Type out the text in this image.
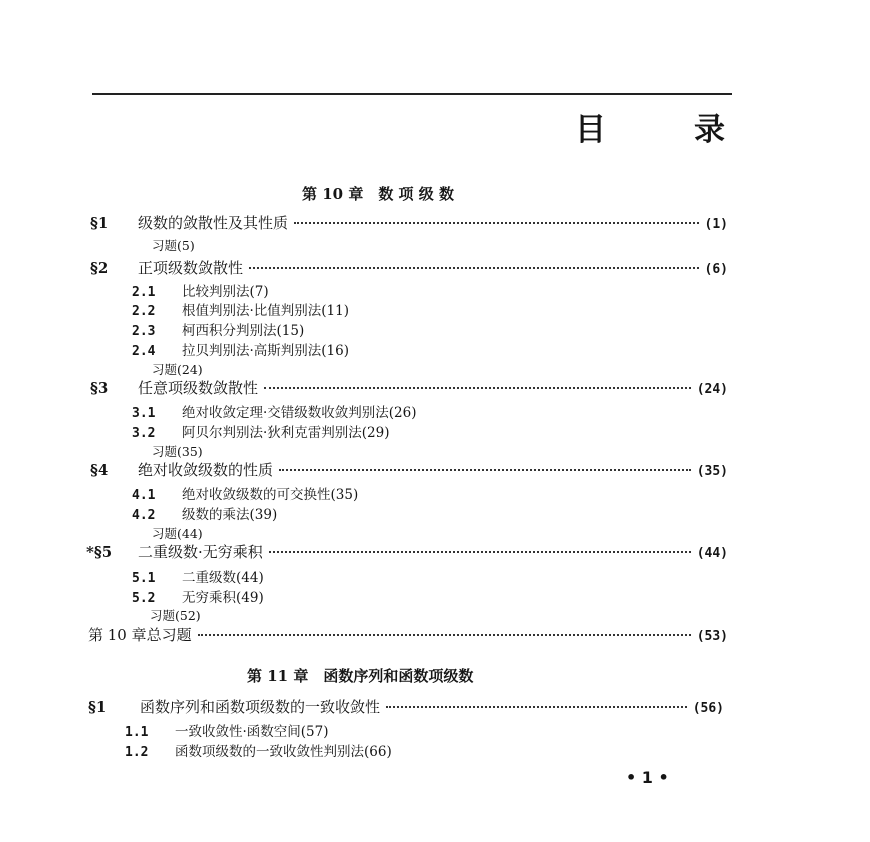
目	录
第 10 章　数 项 级 数
§1	级数的敛散性及其性质	(1)
习题(5)
§2	正项级数敛散性	(6)
2.1 比较判别法(7)
2.2 根值判别法·比值判别法(11)
2.3 柯西积分判别法(15)
2.4 拉贝判别法·高斯判别法(16)
习题(24)
§3	任意项级数敛散性	(24)
3.1 绝对收敛定理·交错级数收敛判别法(26)
3.2 阿贝尔判别法·狄利克雷判别法(29)
习题(35)
§4	绝对收敛级数的性质	(35)
4.1 绝对收敛级数的可交换性(35)
4.2 级数的乘法(39)
习题(44)
*§5	二重级数·无穷乘积	(44)
5.1 二重级数(44)
5.2 无穷乘积(49)
习题(52)
第 10 章总习题	(53)
第 11 章　函数序列和函数项级数
§1	函数序列和函数项级数的一致收敛性	(56)
1.1 一致收敛性·函数空间(57)
1.2 函数项级数的一致收敛性判别法(66)
• 1 •
